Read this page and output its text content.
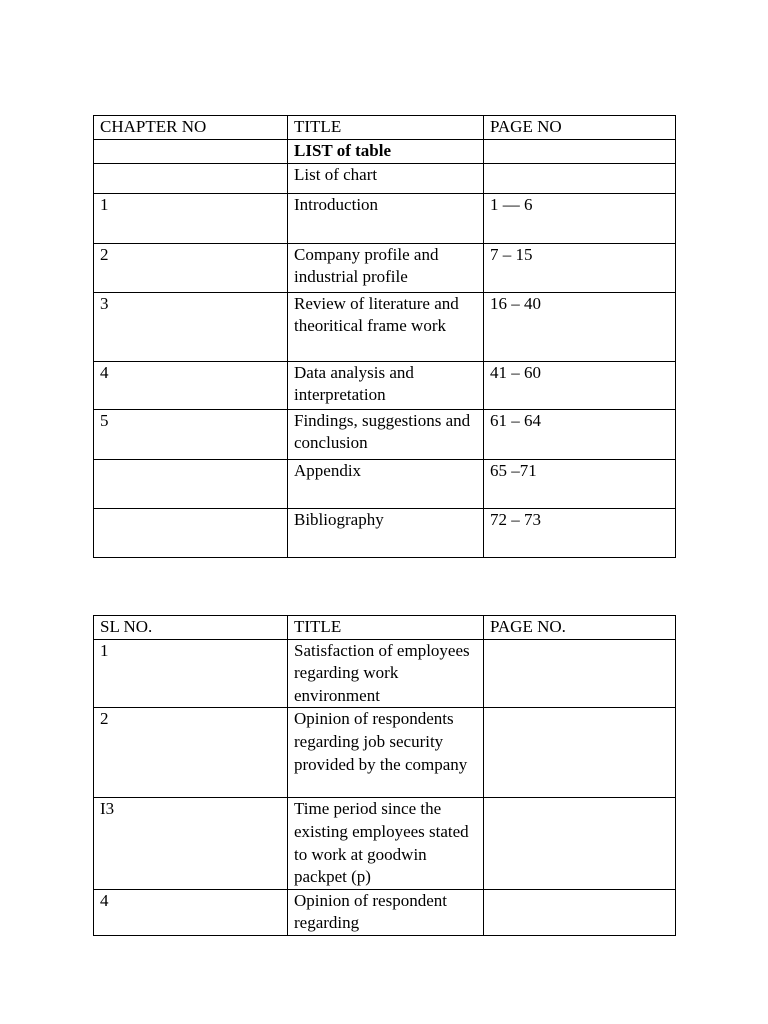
CHAPTER NO	TITLE	PAGE NO
	LIST of table	
	List of chart	
1	Introduction	1 — 6
2	Company profile and industrial profile	7 – 15
3	Review of literature and theoritical frame work	16 – 40
4	Data analysis and interpretation	41 – 60
5	Findings, suggestions and conclusion	61 – 64
	Appendix	65 –71
	Bibliography	72 – 73
SL NO.	TITLE	PAGE NO.
1	Satisfaction of employees regarding work environment	
2	Opinion of respondents regarding job security provided by the company	
I3	Time period since the existing employees stated to work at goodwin packpet (p)	
4	Opinion of respondent regarding	
